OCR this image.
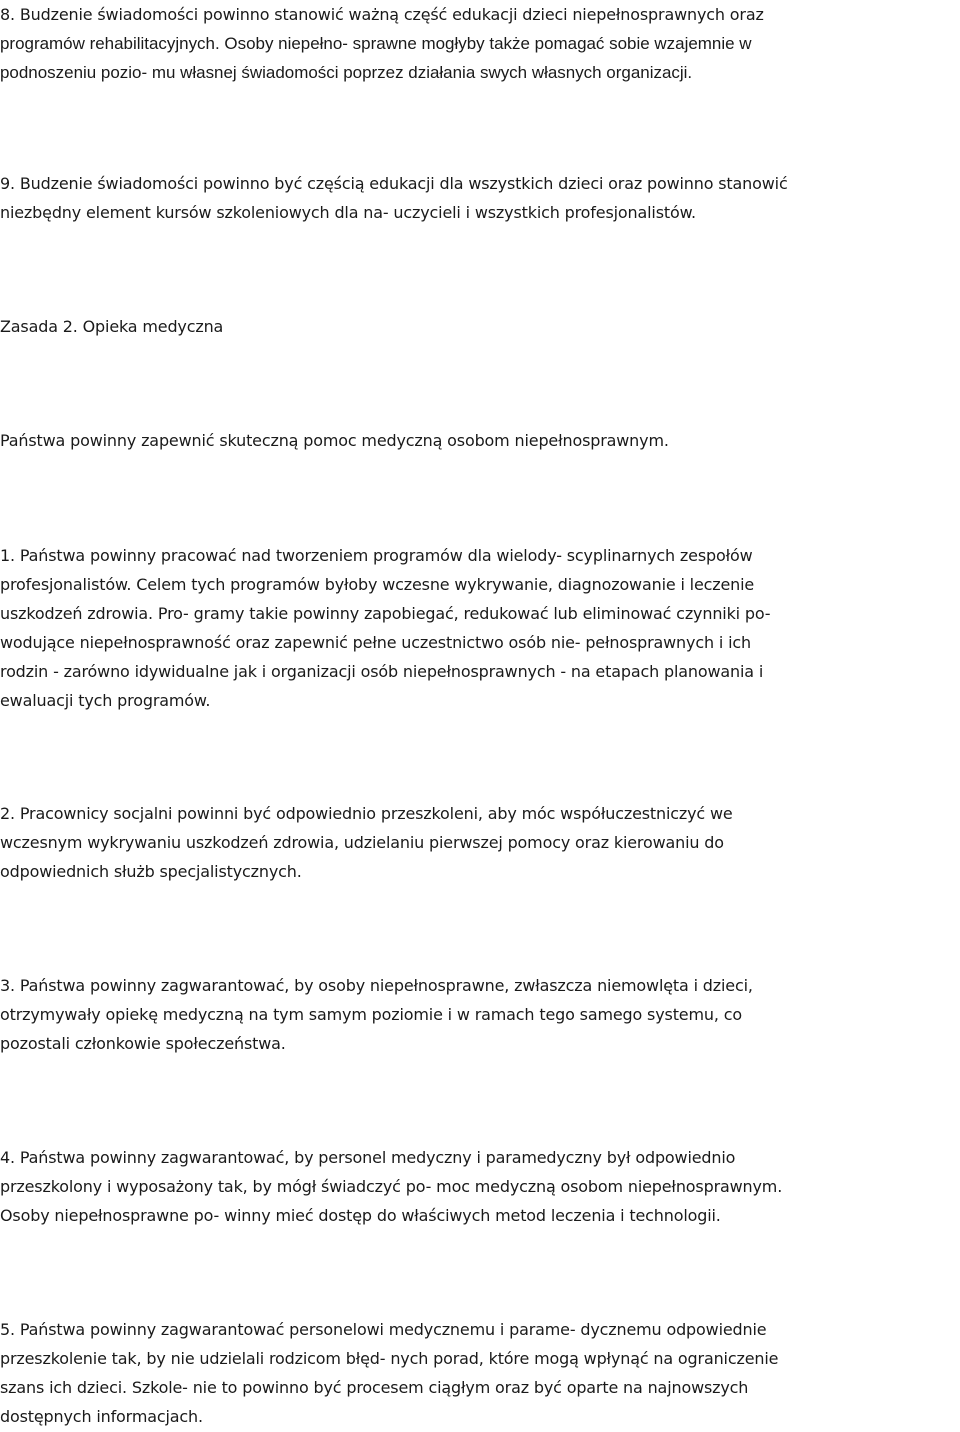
8. Budzenie świadomości powinno stanowić ważną część edukacji dzieci niepełnosprawnych oraz
programów rehabilitacyjnych. Osoby niepełno- sprawne mogłyby także pomagać sobie wzajemnie w
podnoszeniu pozio- mu własnej świadomości poprzez działania swych własnych organizacji.
9. Budzenie świadomości powinno być częścią edukacji dla wszystkich dzieci oraz powinno stanowić
niezbędny element kursów szkoleniowych dla na- uczycieli i wszystkich profesjonalistów.
Zasada 2. Opieka medyczna
Państwa powinny zapewnić skuteczną pomoc medyczną osobom niepełnosprawnym.
1. Państwa powinny pracować nad tworzeniem programów dla wielody- scyplinarnych zespołów
profesjonalistów. Celem tych programów byłoby wczesne wykrywanie, diagnozowanie i leczenie
uszkodzeń zdrowia. Pro- gramy takie powinny zapobiegać, redukować lub eliminować czynniki po-
wodujące niepełnosprawność oraz zapewnić pełne uczestnictwo osób nie- pełnosprawnych i ich
rodzin - zarówno idywidualne jak i organizacji osób niepełnosprawnych - na etapach planowania i
ewaluacji tych programów.
2. Pracownicy socjalni powinni być odpowiednio przeszkoleni, aby móc współuczestniczyć we
wczesnym wykrywaniu uszkodzeń zdrowia, udzielaniu pierwszej pomocy oraz kierowaniu do
odpowiednich służb specjalistycznych.
3. Państwa powinny zagwarantować, by osoby niepełnosprawne, zwłaszcza niemowlęta i dzieci,
otrzymywały opiekę medyczną na tym samym poziomie i w ramach tego samego systemu, co
pozostali członkowie społeczeństwa.
4. Państwa powinny zagwarantować, by personel medyczny i paramedyczny był odpowiednio
przeszkolony i wyposażony tak, by mógł świadczyć po- moc medyczną osobom niepełnosprawnym.
Osoby niepełnosprawne po- winny mieć dostęp do właściwych metod leczenia i technologii.
5. Państwa powinny zagwarantować personelowi medycznemu i parame- dycznemu odpowiednie
przeszkolenie tak, by nie udzielali rodzicom błęd- nych porad, które mogą wpłynąć na ograniczenie
szans ich dzieci. Szkole- nie to powinno być procesem ciągłym oraz być oparte na najnowszych
dostępnych informacjach.
